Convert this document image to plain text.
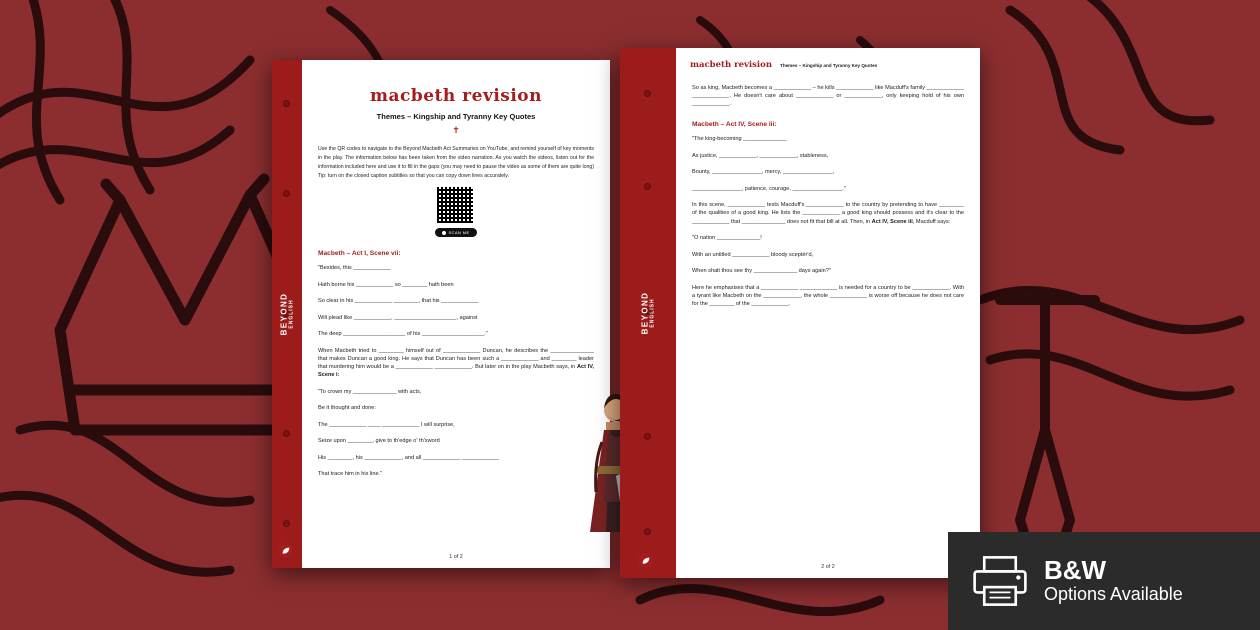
BEYOND ENGLISH
macbeth revision
Themes – Kingship and Tyranny Key Quotes
✝
Use the QR codes to navigate to the Beyond Macbeth Act Summaries on YouTube, and remind yourself of key moments in the play. The information below has been taken from the video narration. As you watch the videos, listen out for the information included here and use it to fill in the gaps (you may need to pause the video as some of them are quite long) Tip: turn on the closed caption subtitles so that you can copy down lines accurately.
SCAN ME
Macbeth – Act I, Scene vii:
"Besides, this ____________
Hath borne his ____________ so ________ hath been
So clear in his ____________ ________, that his ____________
Will plead like ____________, ____________________, against
The deep ____________________ of his ____________________."
When Macbeth tried to ________ himself out of ____________ Duncan, he describes the ______________ that makes Duncan a good king. He says that Duncan has been such a ____________ and ________ leader that murdering him would be a ____________ ____________. But later on in the play Macbeth says, in Act IV, Scene i:
"To crown my ______________ with acts,
Be it thought and done:
The ____________ ____ ____________ I will surprise,
Seize upon ________, give to th'edge o' th'sword
His ________, his ____________, and all ____________ ____________
That trace him in his line."
1 of 2
BEYOND ENGLISH
macbeth revision Themes – Kingship and Tyranny Key Quotes
So as king, Macbeth becomes a ____________ – he kills ____________ like Macduff's family ____________ ____________. He doesn't care about ____________ or ____________, only keeping hold of his own ____________.
Macbeth – Act IV, Scene iii:
"The king-becoming ______________
As justice, ____________, ____________, stableness,
Bounty, ________________, mercy, ________________,
________________, patience, courage, ________________."
In this scene, ____________ tests Macduff's ____________ to the country by pretending to have ________ of the qualities of a good king. He lists the ____________ a good king should possess and it's clear to the ____________ that ______________ does not fit that bill at all. Then, in Act IV, Scene iii, Macduff says:
"O nation ______________!
With an untitled ____________ bloody sceptér'd,
When shalt thou see thy ______________ days again?"
Here he emphasises that a ____________ ____________ is needed for a country to be ____________. With a tyrant like Macbeth on the ____________, the whole ____________ is worse off because he does not care for the ________ of the ____________.
2 of 2	B&W
Options Available
